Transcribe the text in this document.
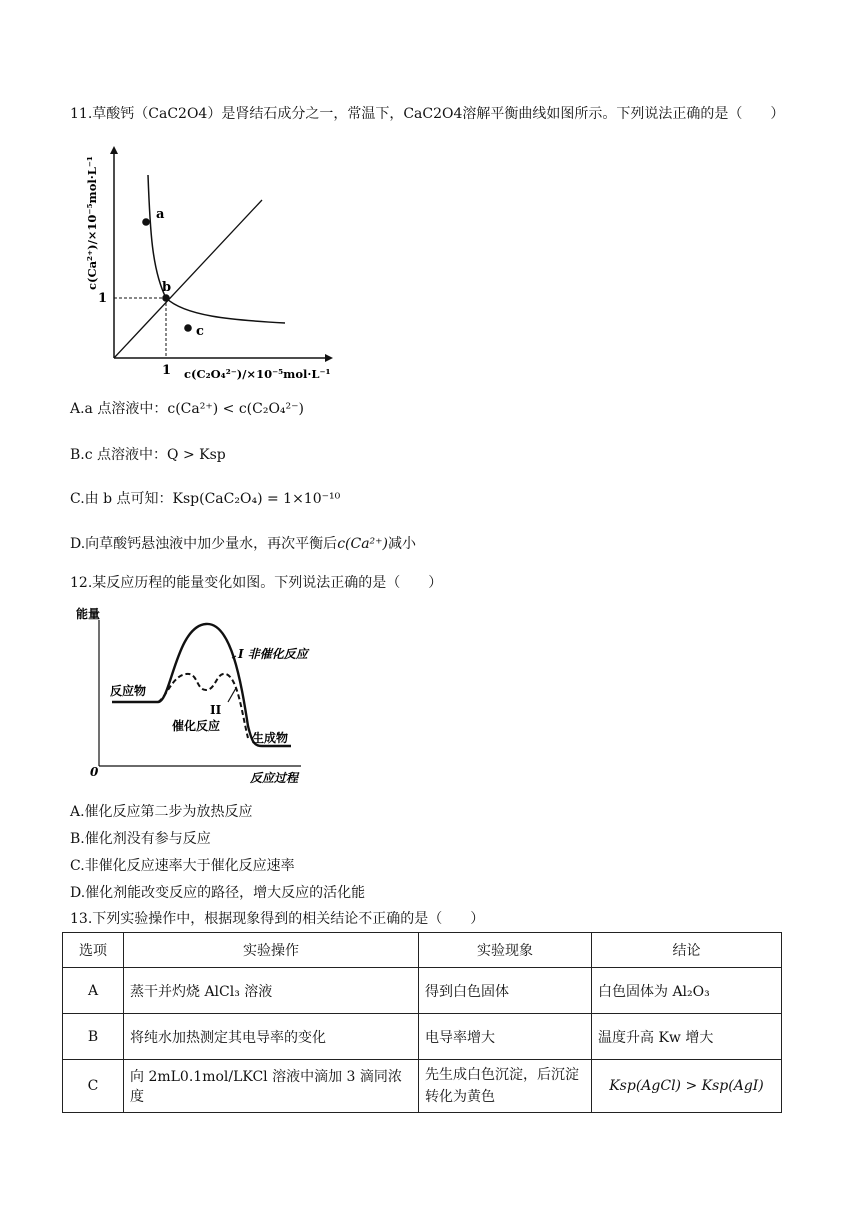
11.草酸钙（CaC2O4）是肾结石成分之一，常温下，CaC2O4溶解平衡曲线如图所示。下列说法正确的是（　　）
a
b
c
1
1 c(C₂O₄²⁻)/×10⁻⁵mol·L⁻¹
c(Ca²⁺)/×10⁻⁵mol·L⁻¹
A.a 点溶液中：c(Ca²⁺) < c(C₂O₄²⁻)
B.c 点溶液中：Q > Ksp
C.由 b 点可知：Ksp(CaC₂O₄) = 1×10⁻¹⁰
D.向草酸钙悬浊液中加少量水，再次平衡后c(Ca²⁺)减小
12.某反应历程的能量变化如图。下列说法正确的是（　　）
能量
0	反应过程
反应物
生成物
I 非催化反应
II
催化反应
A.催化反应第二步为放热反应
B.催化剂没有参与反应
C.非催化反应速率大于催化反应速率
D.催化剂能改变反应的路径，增大反应的活化能
13.下列实验操作中，根据现象得到的相关结论不正确的是（　　）
选项	实验操作	实验现象	结论
A	蒸干并灼烧 AlCl₃ 溶液	得到白色固体	白色固体为 Al₂O₃
B	将纯水加热测定其电导率的变化	电导率增大	温度升高 Kw 增大
C	向 2mL0.1mol/LKCl 溶液中滴加 3 滴同浓度	先生成白色沉淀，后沉淀转化为黄色	Ksp(AgCl) > Ksp(AgI)
